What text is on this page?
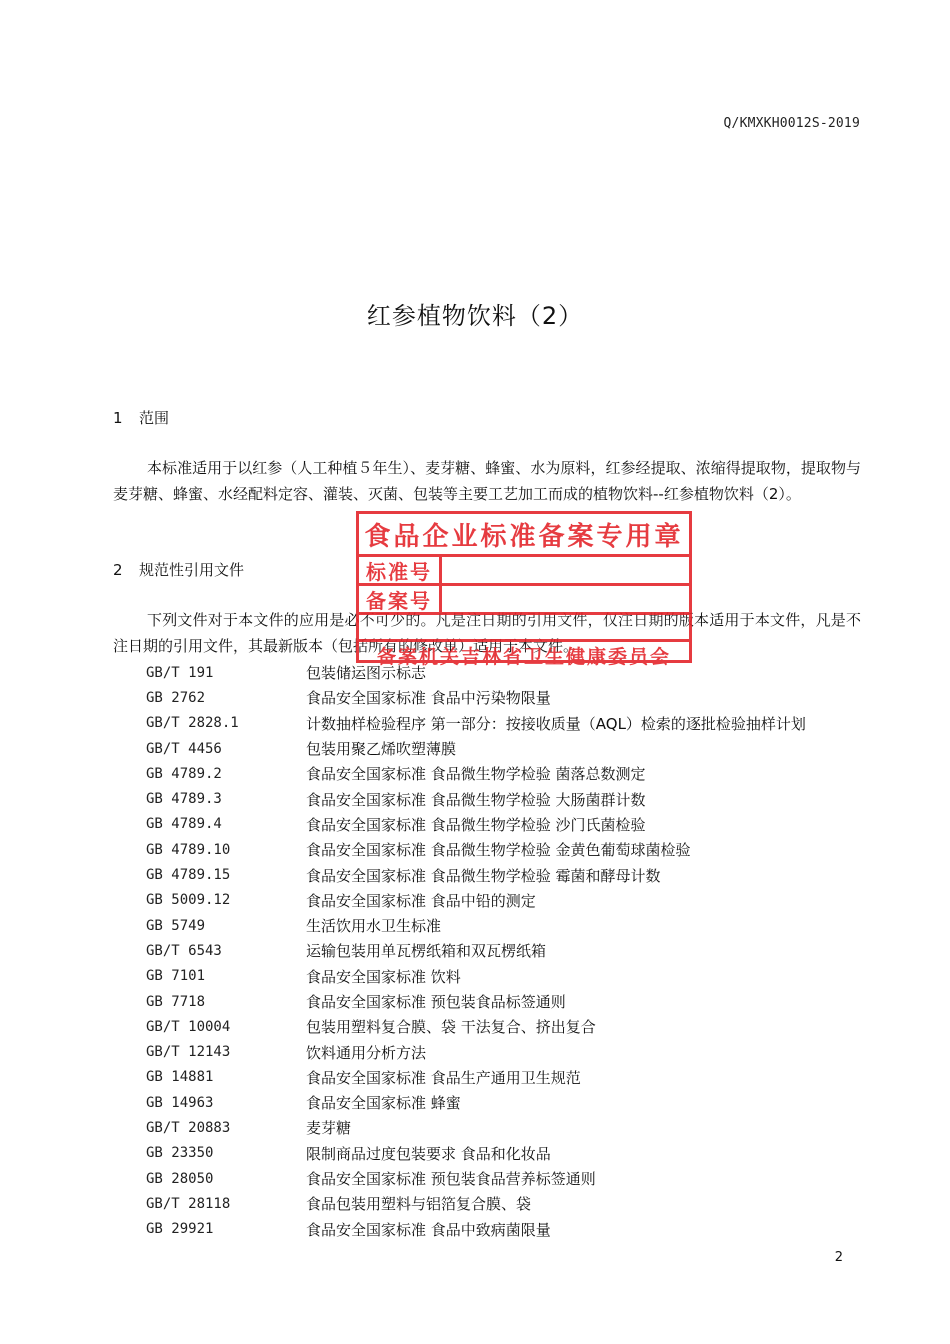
Q/KMXKH0012S-2019
红参植物饮料（2）
1 范围

本标准适用于以红参（人工种植５年生）、麦芽糖、蜂蜜、水为原料，红参经提取、浓缩得提取物，提取物与麦芽糖、蜂蜜、水经配料定容、灌装、灭菌、包装等主要工艺加工而成的植物饮料--红参植物饮料（2）。

2 规范性引用文件

下列文件对于本文件的应用是必不可少的。凡是注日期的引用文件，仅注日期的版本适用于本文件，凡是不注日期的引用文件，其最新版本（包括所有的修改单）适用于本文件。

GB/T 191	包装储运图示标志
GB 2762	食品安全国家标准 食品中污染物限量
GB/T 2828.1	计数抽样检验程序 第一部分：按接收质量（AQL）检索的逐批检验抽样计划
GB/T 4456	包装用聚乙烯吹塑薄膜
GB 4789.2	食品安全国家标准 食品微生物学检验 菌落总数测定
GB 4789.3	食品安全国家标准 食品微生物学检验 大肠菌群计数
GB 4789.4	食品安全国家标准 食品微生物学检验 沙门氏菌检验
GB 4789.10	食品安全国家标准 食品微生物学检验 金黄色葡萄球菌检验
GB 4789.15	食品安全国家标准 食品微生物学检验 霉菌和酵母计数
GB 5009.12	食品安全国家标准 食品中铅的测定
GB 5749	生活饮用水卫生标准
GB/T 6543	运输包装用单瓦楞纸箱和双瓦楞纸箱
GB 7101	食品安全国家标准 饮料
GB 7718	食品安全国家标准 预包装食品标签通则
GB/T 10004	包装用塑料复合膜、袋 干法复合、挤出复合
GB/T 12143	饮料通用分析方法
GB 14881	食品安全国家标准 食品生产通用卫生规范
GB 14963	食品安全国家标准 蜂蜜
GB/T 20883	麦芽糖
GB 23350	限制商品过度包装要求 食品和化妆品
GB 28050	食品安全国家标准 预包装食品营养标签通则
GB/T 28118	食品包装用塑料与铝箔复合膜、袋
GB 29921	食品安全国家标准 食品中致病菌限量
食品企业标准备案专用章
标准号
备案号
备案机关吉林省卫生健康委员会
2
